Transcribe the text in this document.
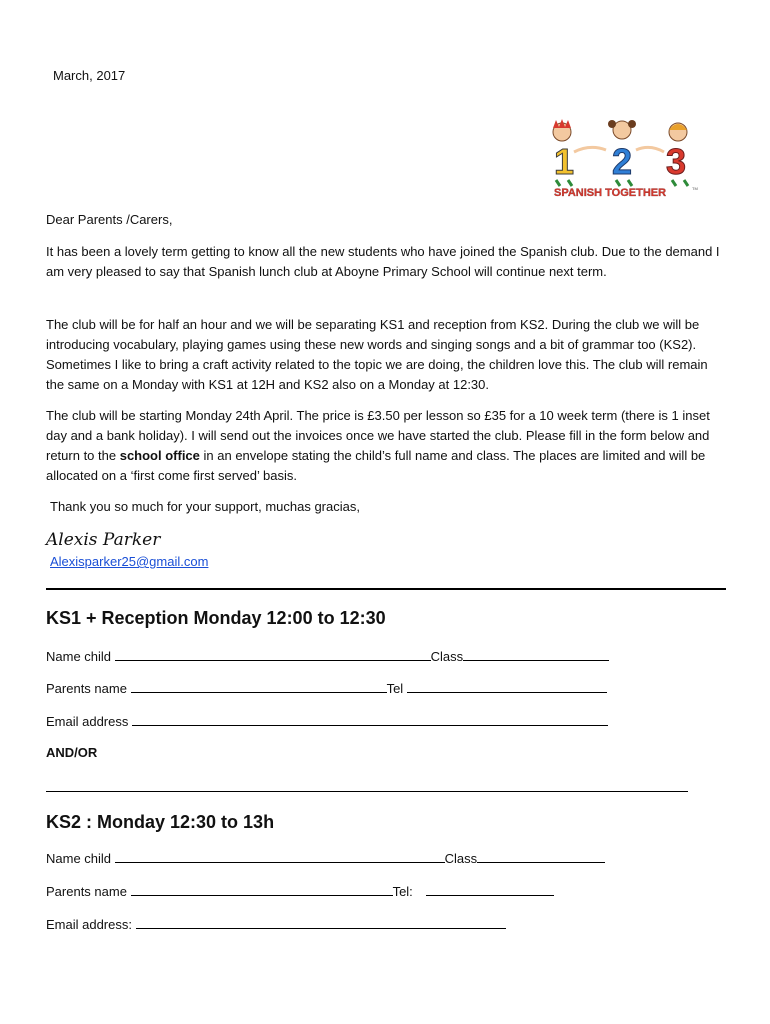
March, 2017
1 2 3
SPANISH TOGETHER	TM
Dear Parents /Carers,
It has been a lovely term getting to know all the new students who have joined the Spanish club. Due to the demand I am very pleased to say that Spanish lunch club at Aboyne Primary School will continue next term.
The club will be for half an hour and we will be separating KS1 and reception from KS2. During the club we will be introducing vocabulary, playing games using these new words and singing songs and a bit of grammar too (KS2). Sometimes I like to bring a craft activity related to the topic we are doing, the children love this. The club will remain the same on a Monday with KS1 at 12H and KS2 also on a Monday at 12:30.
The club will be starting Monday 24th April. The price is £3.50 per lesson so £35 for a 10 week term (there is 1 inset day and a bank holiday). I will send out the invoices once we have started the club. Please fill in the form below and return to the school office in an envelope stating the child’s full name and class. The places are limited and will be allocated on a ‘first come first served’ basis.
Thank you so much for your support, muchas gracias,
Alexis Parker
Alexisparker25@gmail.com
KS1 + Reception Monday 12:00 to 12:30
Name child	Class
Parents name	Tel
Email address
AND/OR
KS2 : Monday 12:30 to 13h
Name child	Class
Parents name	Tel:
Email address:
